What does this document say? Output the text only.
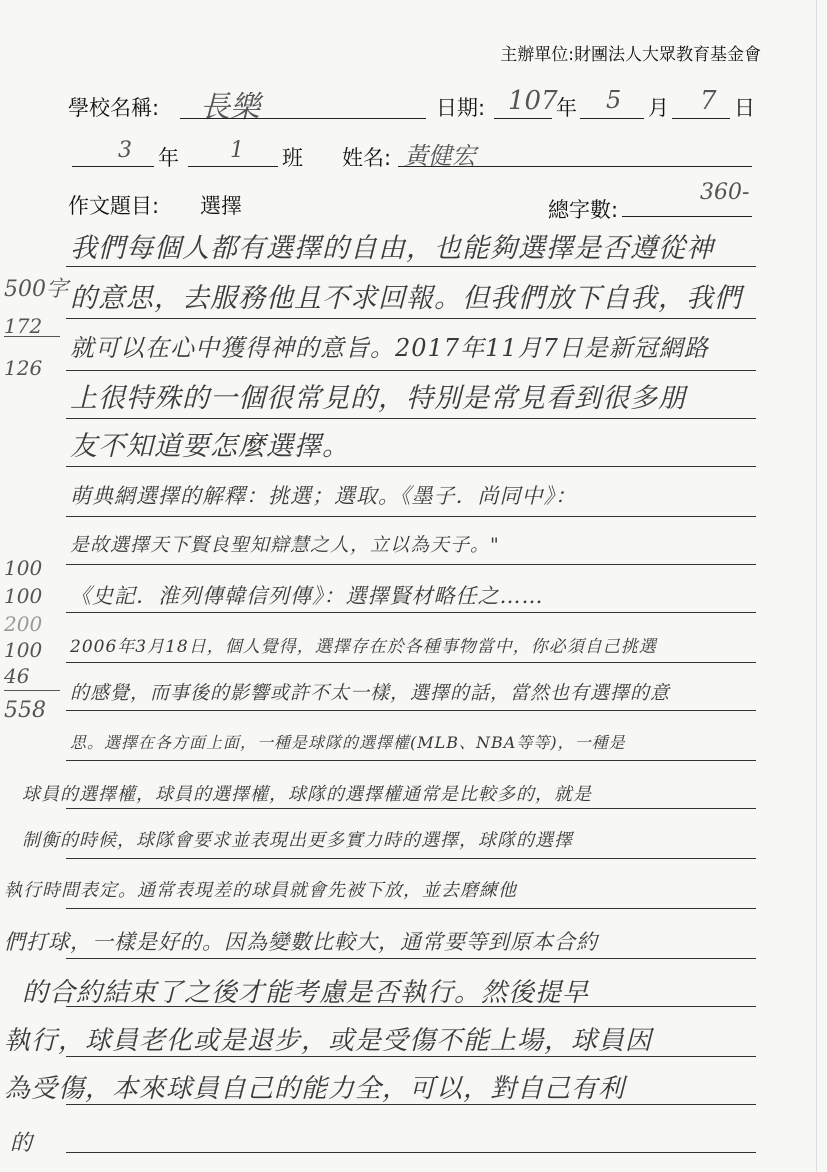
主辦單位:財團法人大眾教育基金會
學校名稱: 長樂	日期: 107
年 5 月 7 日
3 年 1 班 姓名: 黃健宏
作文題目: 選擇	總字數:
360-
我們每個人都有選擇的自由，也能夠選擇是否遵從神
的意思，去服務他且不求回報。但我們放下自我，我們
就可以在心中獲得神的意旨。2017年11月7日是新冠網路
上很特殊的一個很常見的，特別是常見看到很多朋
友不知道要怎麼選擇。
萌典網選擇的解釋：挑選；選取。《墨子．尚同中》：
是故選擇天下賢良聖知辯慧之人，立以為天子。"
《史記．淮列傳韓信列傳》：選擇賢材略任之……
2006年3月18日，個人覺得，選擇存在於各種事物當中，你必須自己挑選
的感覺，而事後的影響或許不太一樣，選擇的話，當然也有選擇的意
思。選擇在各方面上面，一種是球隊的選擇權(MLB、NBA等等)，一種是
球員的選擇權，球員的選擇權，球隊的選擇權通常是比較多的，就是
制衡的時候，球隊會要求並表現出更多實力時的選擇，球隊的選擇
執行時間表定。通常表現差的球員就會先被下放，並去磨練他
們打球，一樣是好的。因為變數比較大，通常要等到原本合約
的合約結束了之後才能考慮是否執行。然後提早
執行，球員老化或是退步，或是受傷不能上場，球員因
為受傷，本來球員自己的能力全，可以，對自己有利
的
500字
172
126
100
100
200
100
46
558
